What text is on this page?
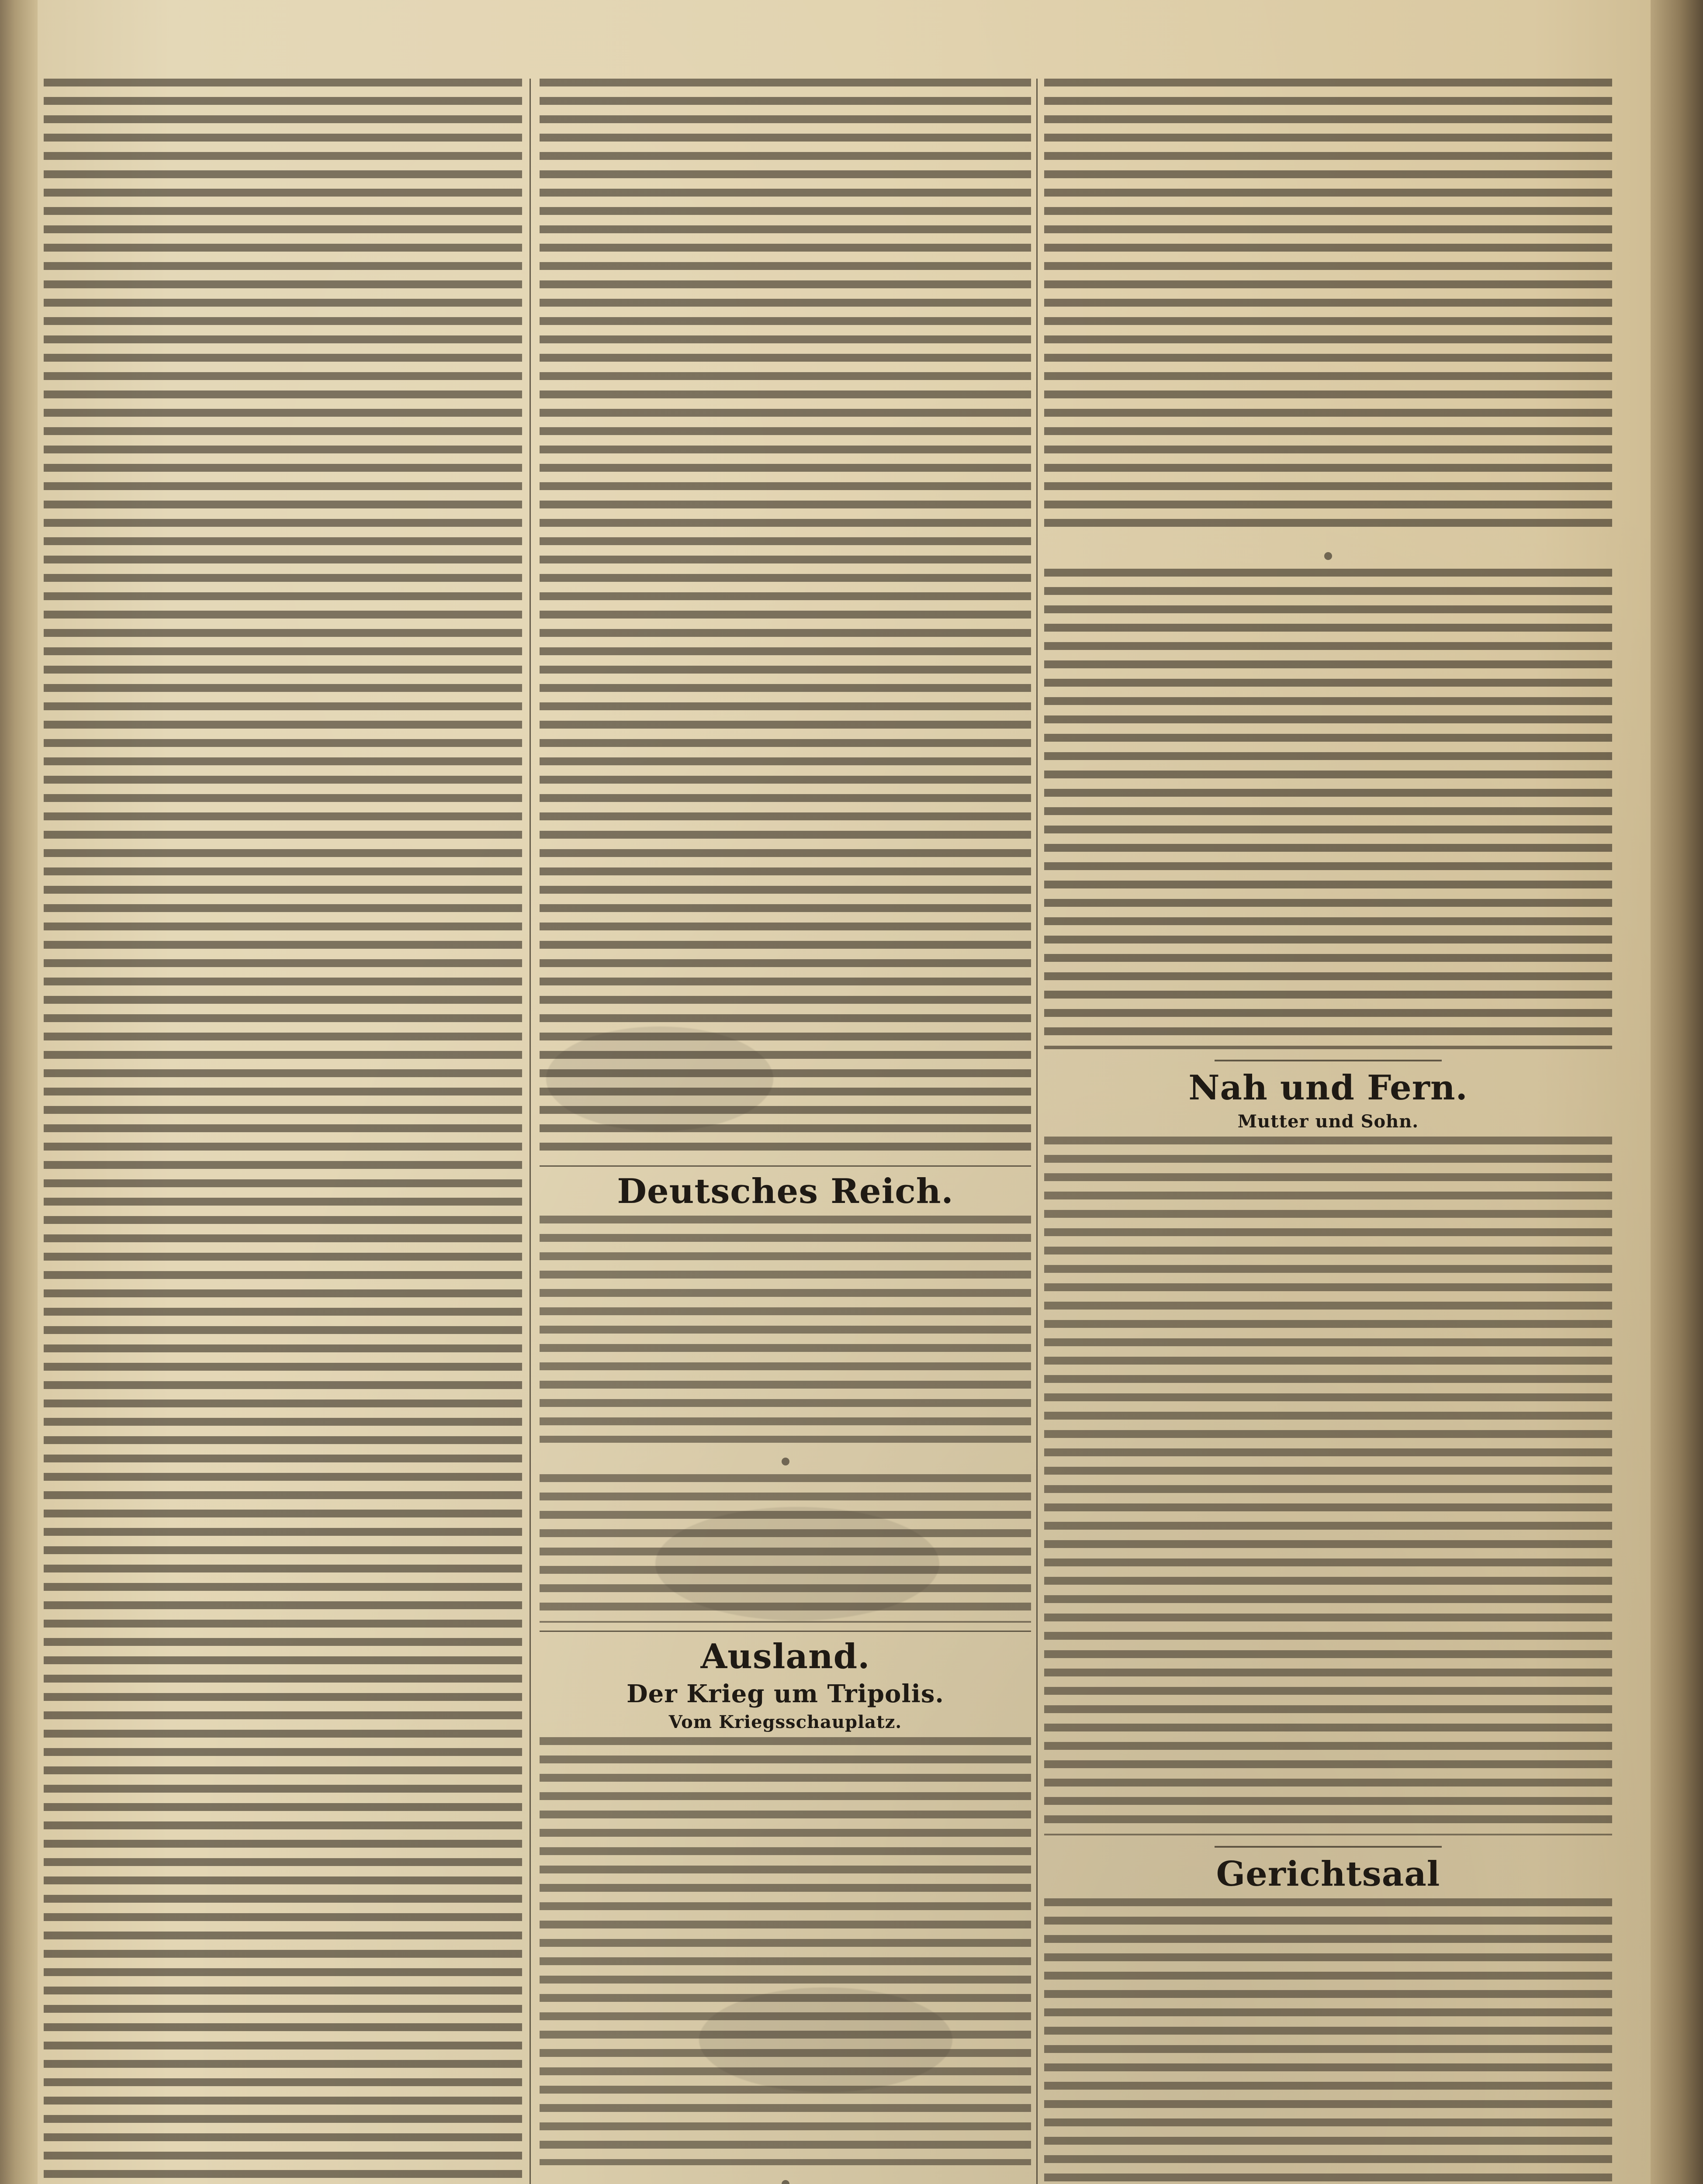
Deutsches Reich.
Ausland.
Der Krieg um Tripolis.
Vom Kriegsschauplatz.
Nah und Fern.
Mutter und Sohn.
Gerichtsaal
